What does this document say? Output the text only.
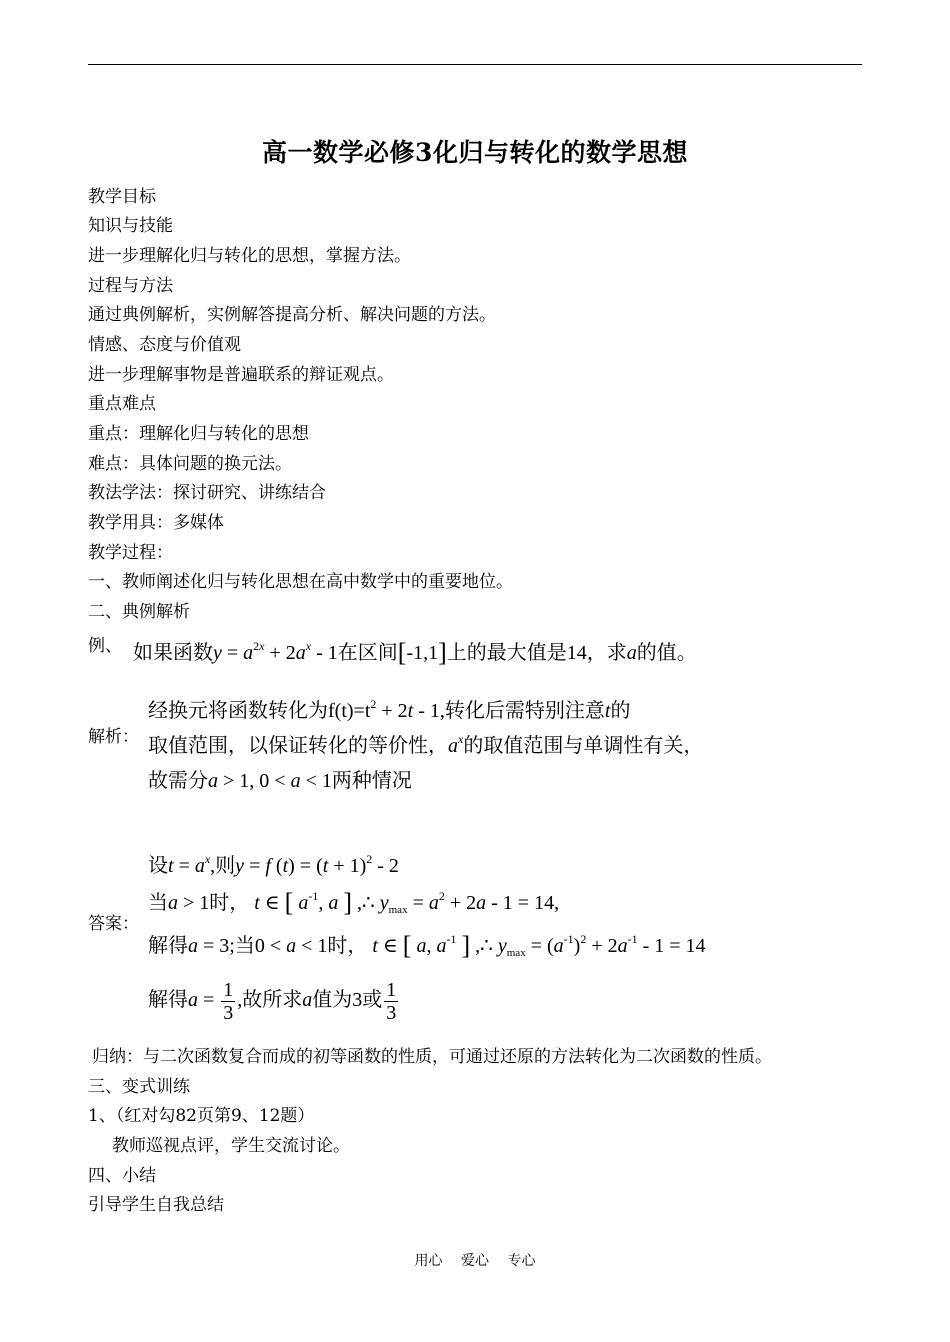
高一数学必修3化归与转化的数学思想
教学目标
知识与技能
进一步理解化归与转化的思想，掌握方法。
过程与方法
通过典例解析，实例解答提高分析、解决问题的方法。
情感、态度与价值观
进一步理解事物是普遍联系的辩证观点。
重点难点
重点：理解化归与转化的思想
难点：具体问题的换元法。
教法学法：探讨研究、讲练结合
教学用具：多媒体
教学过程：
一、教师阐述化归与转化思想在高中数学中的重要地位。
二、典例解析
例、 如果函数$y = a^{2x} + 2a^x - 1$在区间[-1,1]上的最大值是14，求a的值。
解析：
经换元将函数转化为$f(t)=t^2 + 2t - 1$,转化后需特别注意t的
取值范围，以保证转化的等价性，$a^x$的取值范围与单调性有关，
故需分a > 1, 0 < a < 1两种情况
答案：
设$t = a^x$,则y = f $(t) = (t + 1)^2 - 2$
当a > 1时， t ∈ [ $a^{-1}$, a ] ,∴ $y_{max} = a^2 + 2a - 1 = 14$,
解得a = 3;当0 < a < 1时， t ∈ [ a, $a^{-1}$ ] ,∴ $y_{max} = (a^{-1})^2 + 2a^{-1} - 1 = 14$
解得$a = \frac{1}{3}$ ,故所求a值为3或 $\frac{1}{3}$
归纳：与二次函数复合而成的初等函数的性质，可通过还原的方法转化为二次函数的性质。
三、变式训练
1、（红对勾82页第9、12题）
教师巡视点评，学生交流讨论。
四、小结
引导学生自我总结
用心 爱心 专心
